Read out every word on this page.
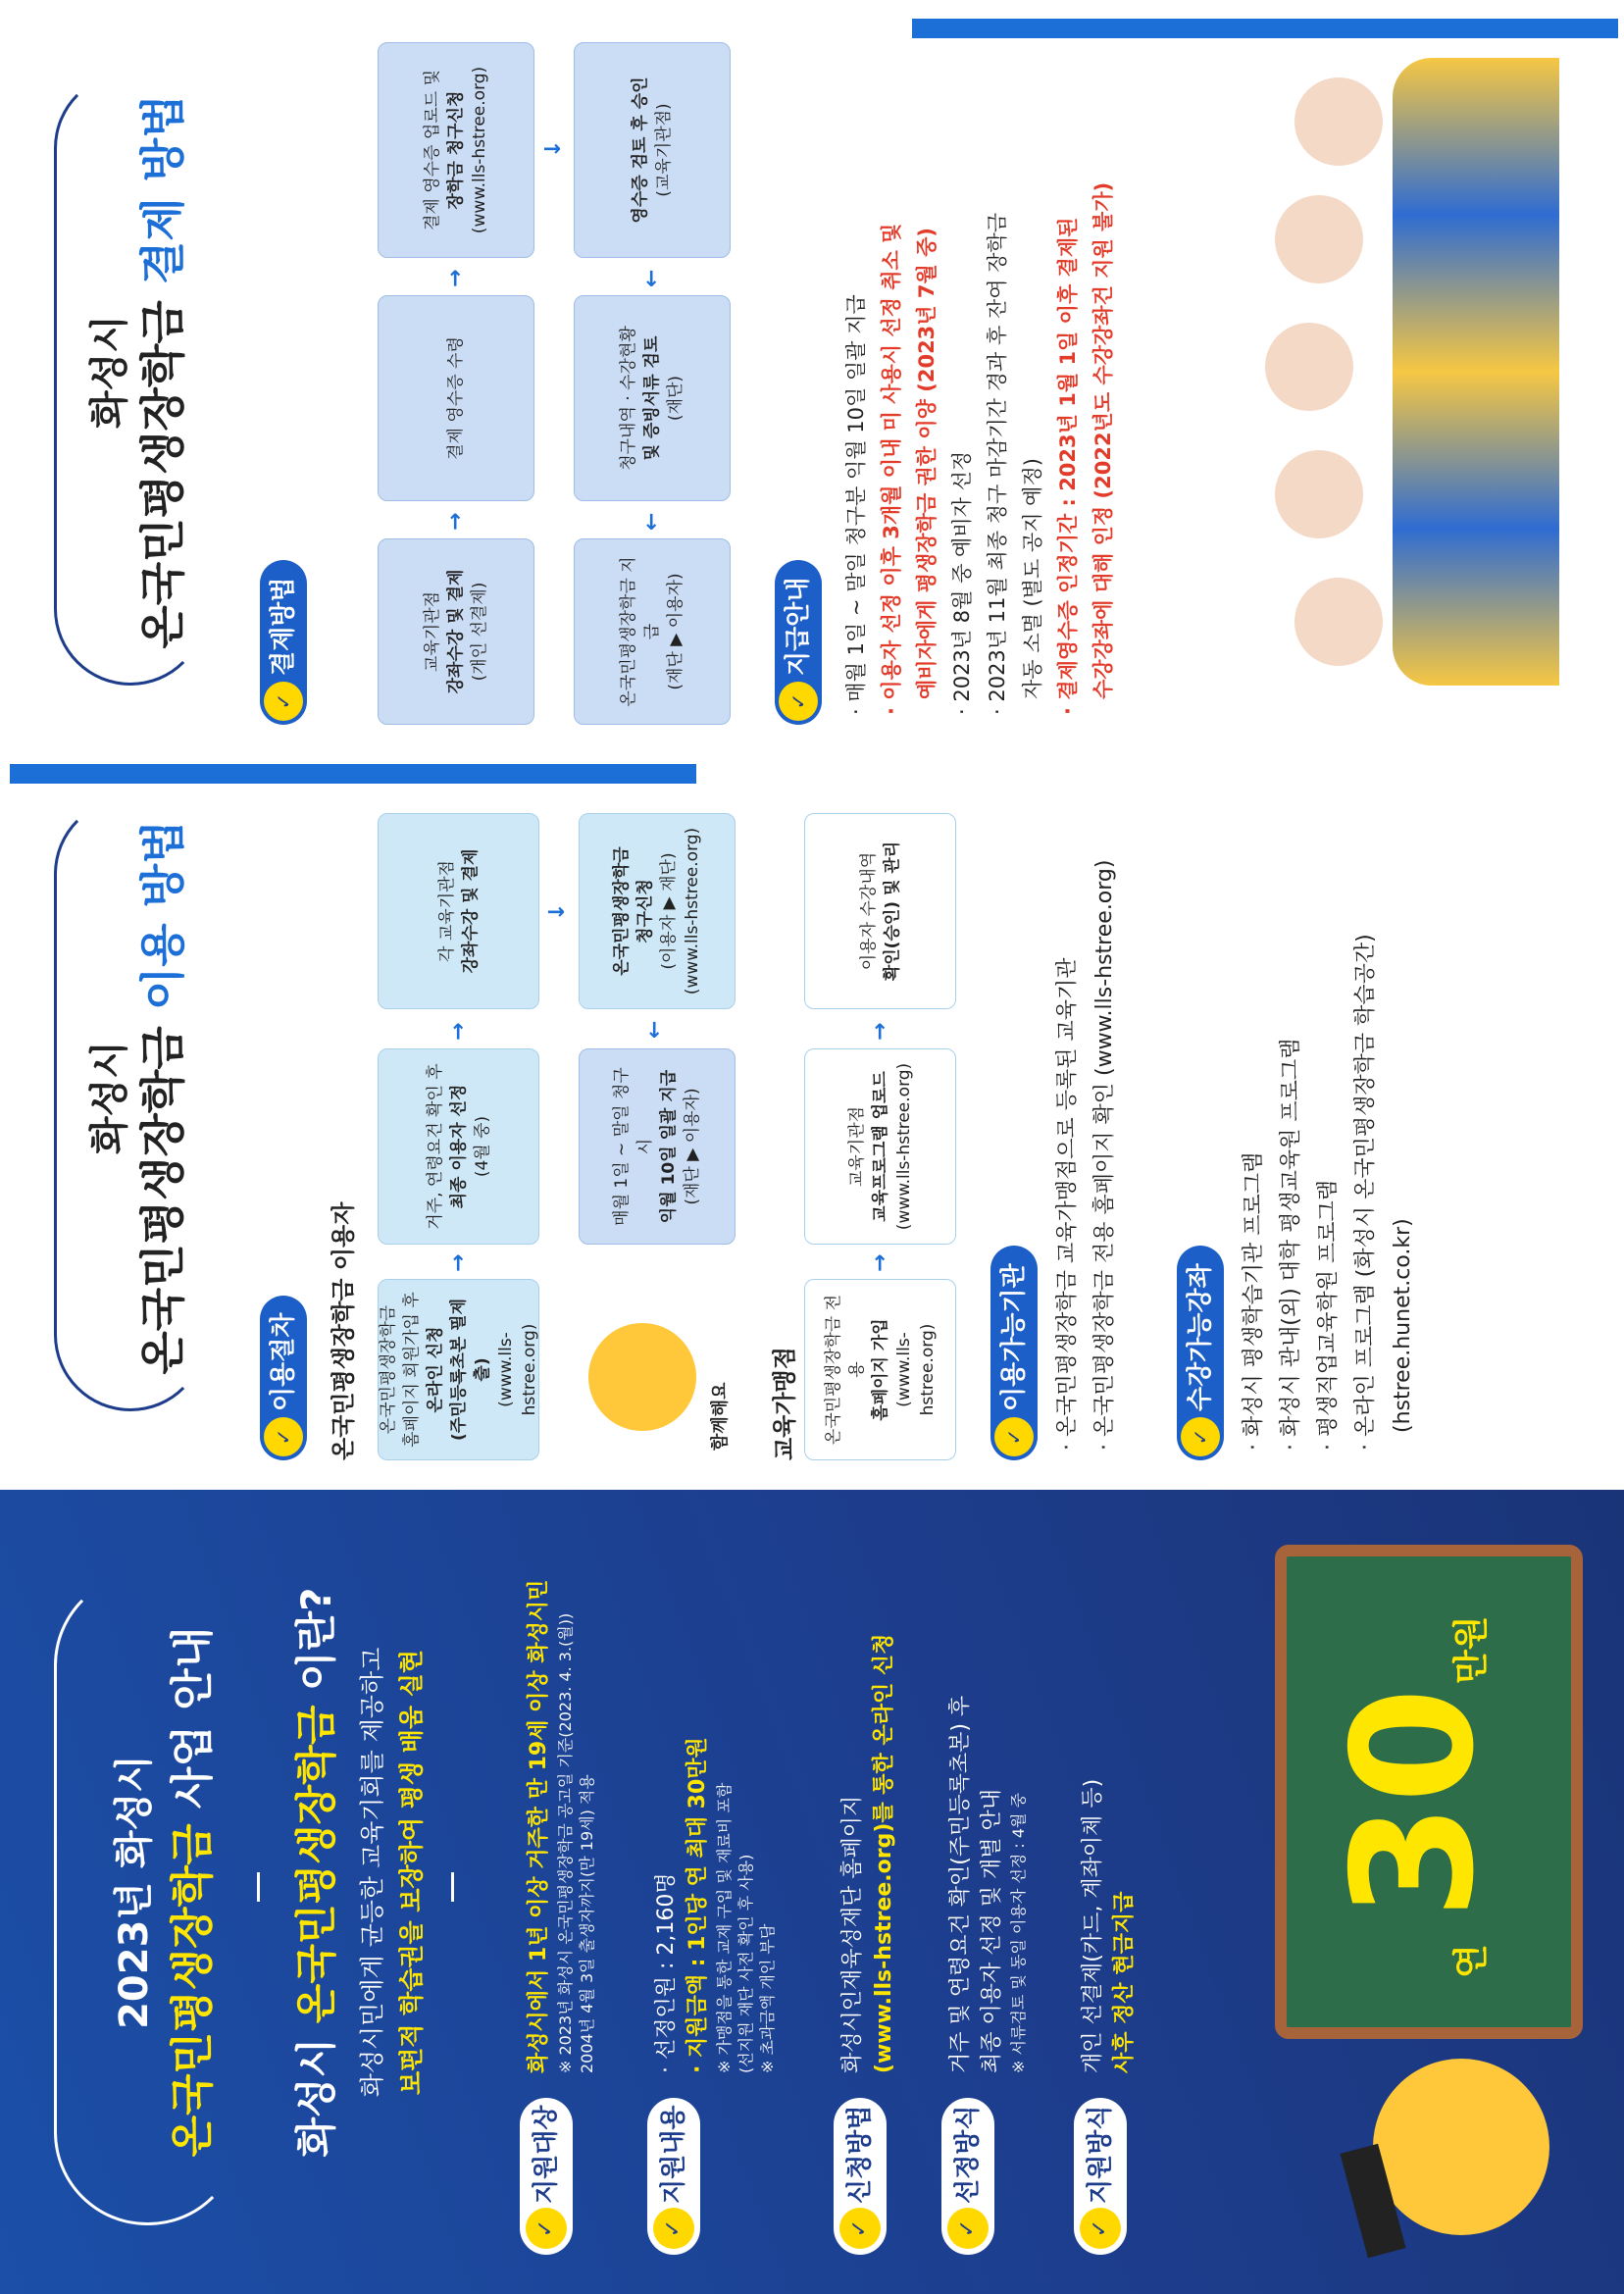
2023년 화성시 온국민평생장학금 사업 안내
화성시 온국민평생장학금 이란?
화성시민에게 균등한 교육기회를 제공하고 보편적 학습권을 보장하여 평생 배움 실현
✓
지원대상
화성시에서 1년 이상 거주한 만 19세 이상 화성시민 ※ 2023년 화성시 온국민평생장학금 공고일 기준(2023. 4. 3.(월)) 2004년 4월 3일 출생자까지(만 19세) 적용
✓
지원내용
· 선정인원 : 2,160명 · 지원금액 : 1인당 연 최대 30만원 ※ 가맹점을 통한 교재 구입 및 재료비 포함 (선지원 재단 사전 확인 후 사용) ※ 초과금액 개인 부담
✓
신청방법
화성시인재육성재단 홈페이지 (www.lls-hstree.org)를 통한 온라인 신청
✓
선정방식
거주 및 연령요건 확인(주민등록초본) 후 최종 이용자 선정 및 개별 안내 ※ 서류검토 및 동일 이용자 선정 : 4월 중
✓
지원방식
개인 선결제(카드, 계좌이체 등) 사후 정산 현금지급	연
30
만원
화성시 온국민평생장학금 이용 방법
✓
이용절차	온국민평생장학금 이용자 온국민평생장학금 홈페이지 회원가입 후 온라인 신청 (주민등록초본 필제출) (www.lls-hstree.org)
→
거주, 연령요건 확인 후 최종 이용자 선정 (4월 중)
→
각 교육기관점 강좌수강 및 결제	↓
함께해요
매월 1일 ~ 말일 청구시 익월 10일 일괄 지급 (재단 ▶ 이용자)
←
온국민평생장학금 청구신청 (이용자 ▶ 재단) (www.lls-hstree.org)
교육가맹점 온국민평생장학금 전용 홈페이지 가입 (www.lls-hstree.org)
→
교육기관점 교육프로그램 업로드 (www.lls-hstree.org)
→
이용자 수강내역 확인(승인) 및 관리
✓
이용가능기관	· 온국민평생장학금 교육가맹점으로 등록된 교육기관 · 온국민평생장학금 전용 홈페이지 확인 (www.lls-hstree.org)	✓
수강가능강좌	· 화성시 평생학습기관 프로그램 · 화성시 관내(외) 대학 평생교육원 프로그램 · 평생직업교육학원 프로그램 · 온라인 프로그램 (화성시 온국민평생장학금 학습공간) (hstree.hunet.co.kr)
화성시 온국민평생장학금 결제 방법
✓
결제방법	교육기관점 강좌수강 및 결제 (개인 선결제)
→
결제 영수증 수령
→
결제 영수증 업로드 및 장학금 청구신청 (www.lls-hstree.org) ↓
온국민평생장학금 지급 (재단 ▶ 이용자)
←
청구내역 · 수강현황 및 증빙서류 검토 (재단)
←
영수증 검토 후 승인 (교육기관점)
✓
지급안내	· 매월 1일 ~ 말일 청구분 익월 10일 일괄 지급 · 이용자 선정 이후 3개월 이내 미 사용시 선정 취소 및 예비자에게 평생장학금 권한 이양 (2023년 7월 중) · 2023년 8월 중 예비자 선정 · 2023년 11월 최종 청구 마감기간 경과 후 잔여 장학금 자동 소멸 (별도 공지 예정) · 결제영수증 인정기간 : 2023년 1월 1일 이후 결제된 수강강좌에 대해 인정 (2022년도 수강강좌건 지원 불가)
